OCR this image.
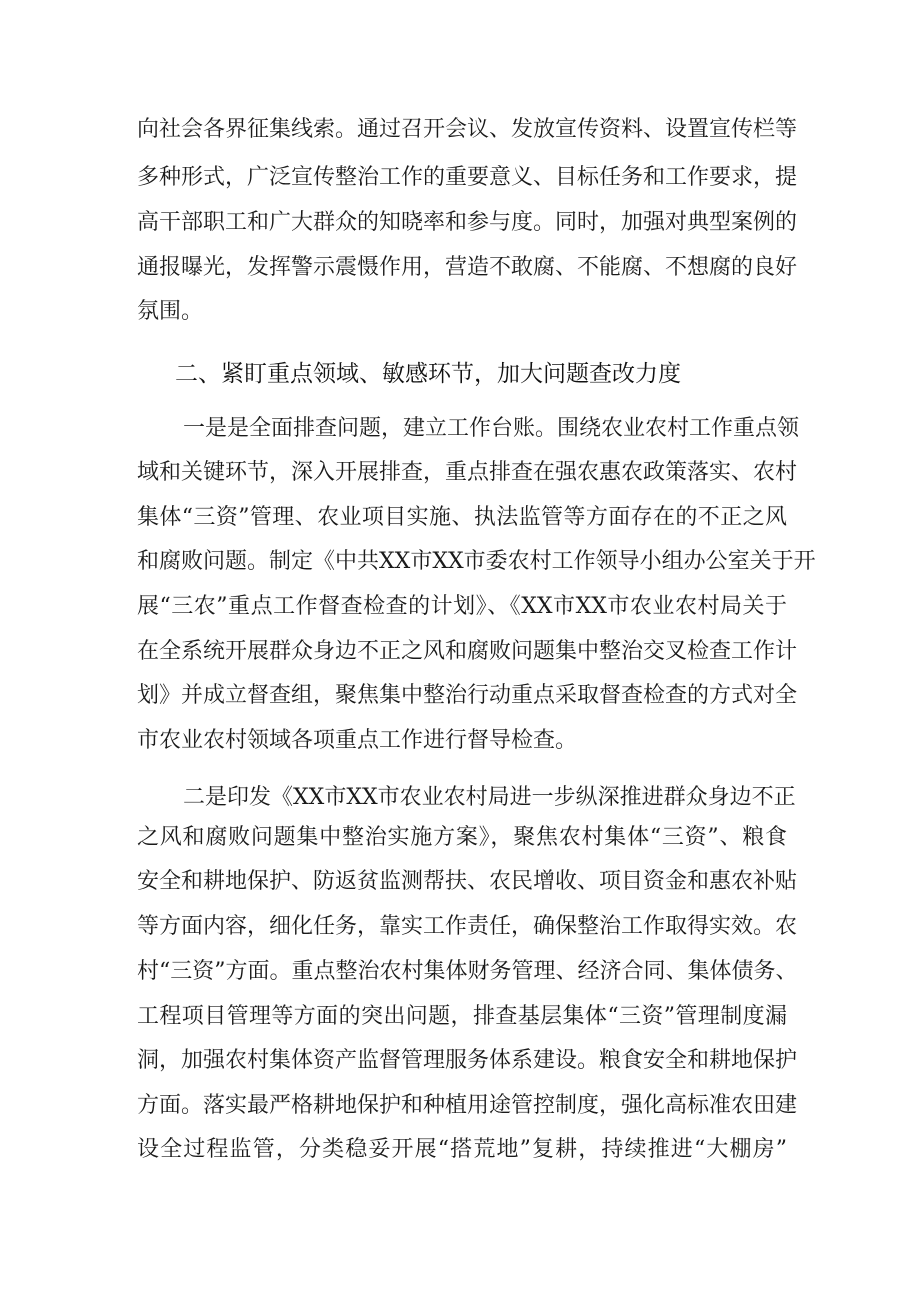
向社会各界征集线索。通过召开会议、发放宣传资料、设置宣传栏等
多种形式，广泛宣传整治工作的重要意义、目标任务和工作要求，提
高干部职工和广大群众的知晓率和参与度。同时，加强对典型案例的
通报曝光，发挥警示震慑作用，营造不敢腐、不能腐、不想腐的良好
氛围。
二、紧盯重点领域、敏感环节，加大问题查改力度
一是是全面排查问题，建立工作台账。围绕农业农村工作重点领
域和关键环节，深入开展排查，重点排查在强农惠农政策落实、农村
集体“三资”管理、农业项目实施、执法监管等方面存在的不正之风
和腐败问题。制定《中共XX市XX市委农村工作领导小组办公室关于开
展“三农”重点工作督查检查的计划》、《XX市XX市农业农村局关于
在全系统开展群众身边不正之风和腐败问题集中整治交叉检查工作计
划》并成立督查组，聚焦集中整治行动重点采取督查检查的方式对全
市农业农村领域各项重点工作进行督导检查。
二是印发《XX市XX市农业农村局进一步纵深推进群众身边不正
之风和腐败问题集中整治实施方案》，聚焦农村集体“三资”、粮食
安全和耕地保护、防返贫监测帮扶、农民增收、项目资金和惠农补贴
等方面内容，细化任务，靠实工作责任，确保整治工作取得实效。农
村“三资”方面。重点整治农村集体财务管理、经济合同、集体债务、
工程项目管理等方面的突出问题，排查基层集体“三资”管理制度漏
洞，加强农村集体资产监督管理服务体系建设。粮食安全和耕地保护
方面。落实最严格耕地保护和种植用途管控制度，强化高标准农田建
设全过程监管，分类稳妥开展“搭荒地”复耕，持续推进“大棚房”
